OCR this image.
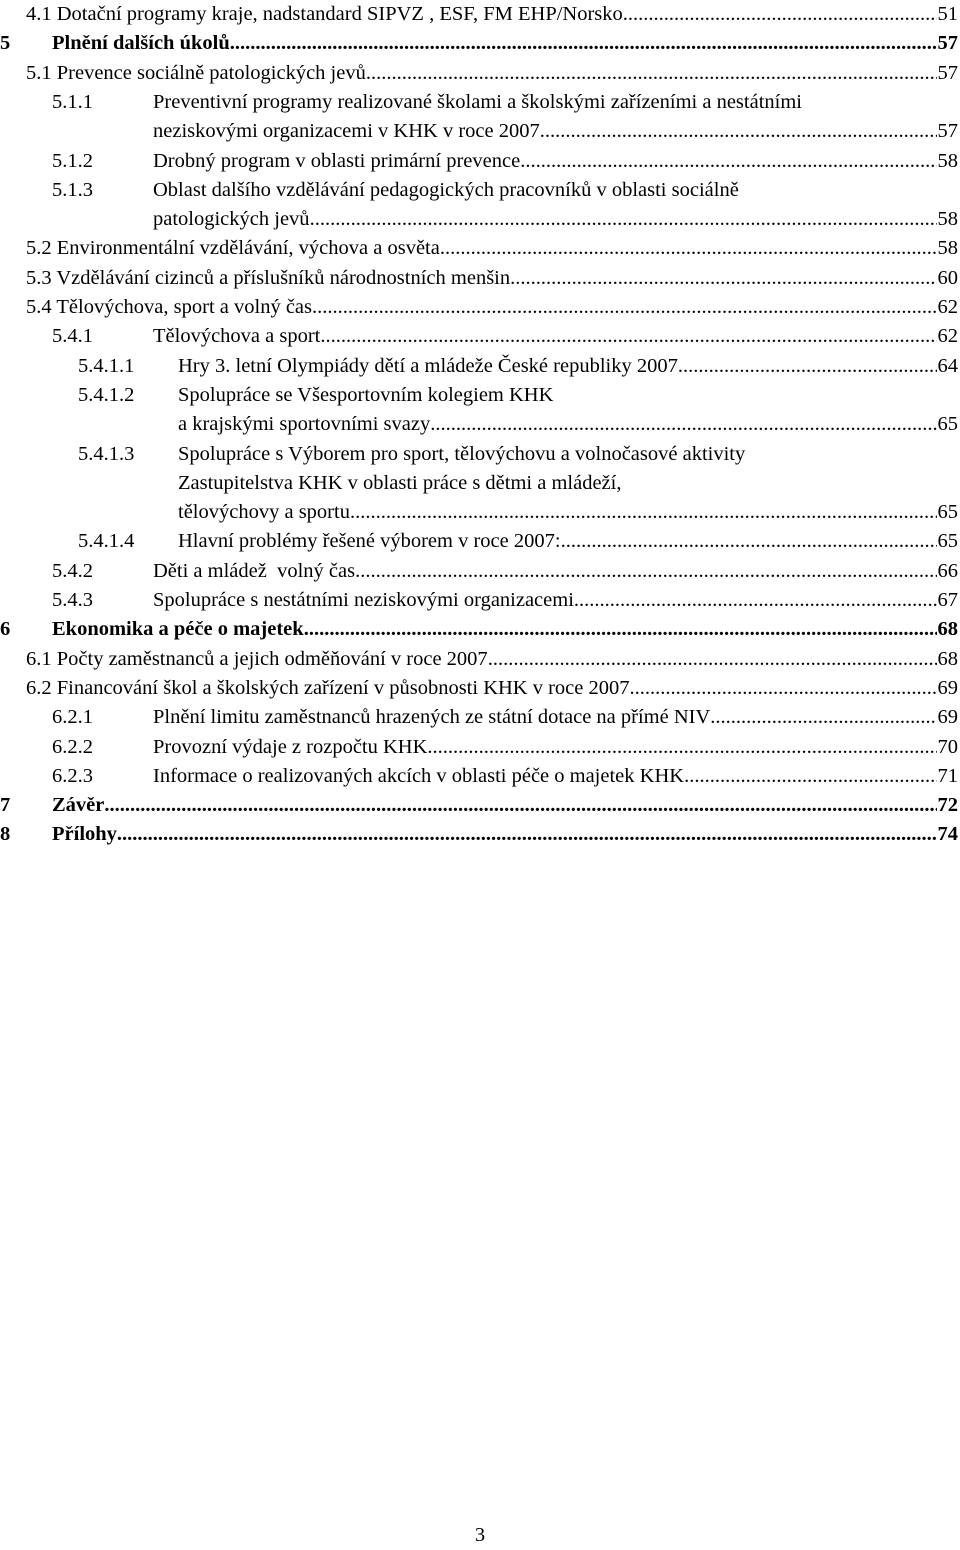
4.1 Dotační programy kraje, nadstandard SIPVZ , ESF, FM EHP/Norsko .....	51
5 Plnění dalších úkolů .....	57
5.1 Prevence sociálně patologických jevů .....	57
5.1.1	Preventivní programy realizované školami a školskými zařízeními a nestátními
neziskovými organizacemi v KHK v roce 2007 .....	57
5.1.2	Drobný program v oblasti primární prevence .....	58
5.1.3	Oblast dalšího vzdělávání pedagogických pracovníků v oblasti sociálně
patologických jevů .....	58
5.2 Environmentální vzdělávání, výchova a osvěta .....	58
5.3 Vzdělávání cizinců a příslušníků národnostních menšin .....	60
5.4 Tělovýchova, sport a volný čas .....	62
5.4.1	Tělovýchova a sport .....	62
5.4.1.1 Hry 3. letní Olympiády dětí a mládeže České republiky 2007 .....	64
5.4.1.2 Spolupráce se Všesportovním kolegiem KHK
a krajskými sportovními svazy .....	65
5.4.1.3 Spolupráce s Výborem pro sport, tělovýchovu a volnočasové aktivity
Zastupitelstva KHK v oblasti práce s dětmi a mládeží,
tělovýchovy a sportu .....	65
5.4.1.4 Hlavní problémy řešené výborem v roce 2007: .....	65
5.4.2	Děti a mládež  volný čas .....	66
5.4.3	Spolupráce s nestátními neziskovými organizacemi .....	67
6 Ekonomika a péče o majetek .....	68
6.1 Počty zaměstnanců a jejich odměňování v roce 2007 .....	68
6.2 Financování škol a školských zařízení v působnosti KHK v roce 2007 .....	69
6.2.1	Plnění limitu zaměstnanců hrazených ze státní dotace na přímé NIV .....	69
6.2.2	Provozní výdaje z rozpočtu KHK .....	70
6.2.3	Informace o realizovaných akcích v oblasti péče o majetek KHK .....	71
7 Závěr .....	72
8 Přílohy .....	74
3
